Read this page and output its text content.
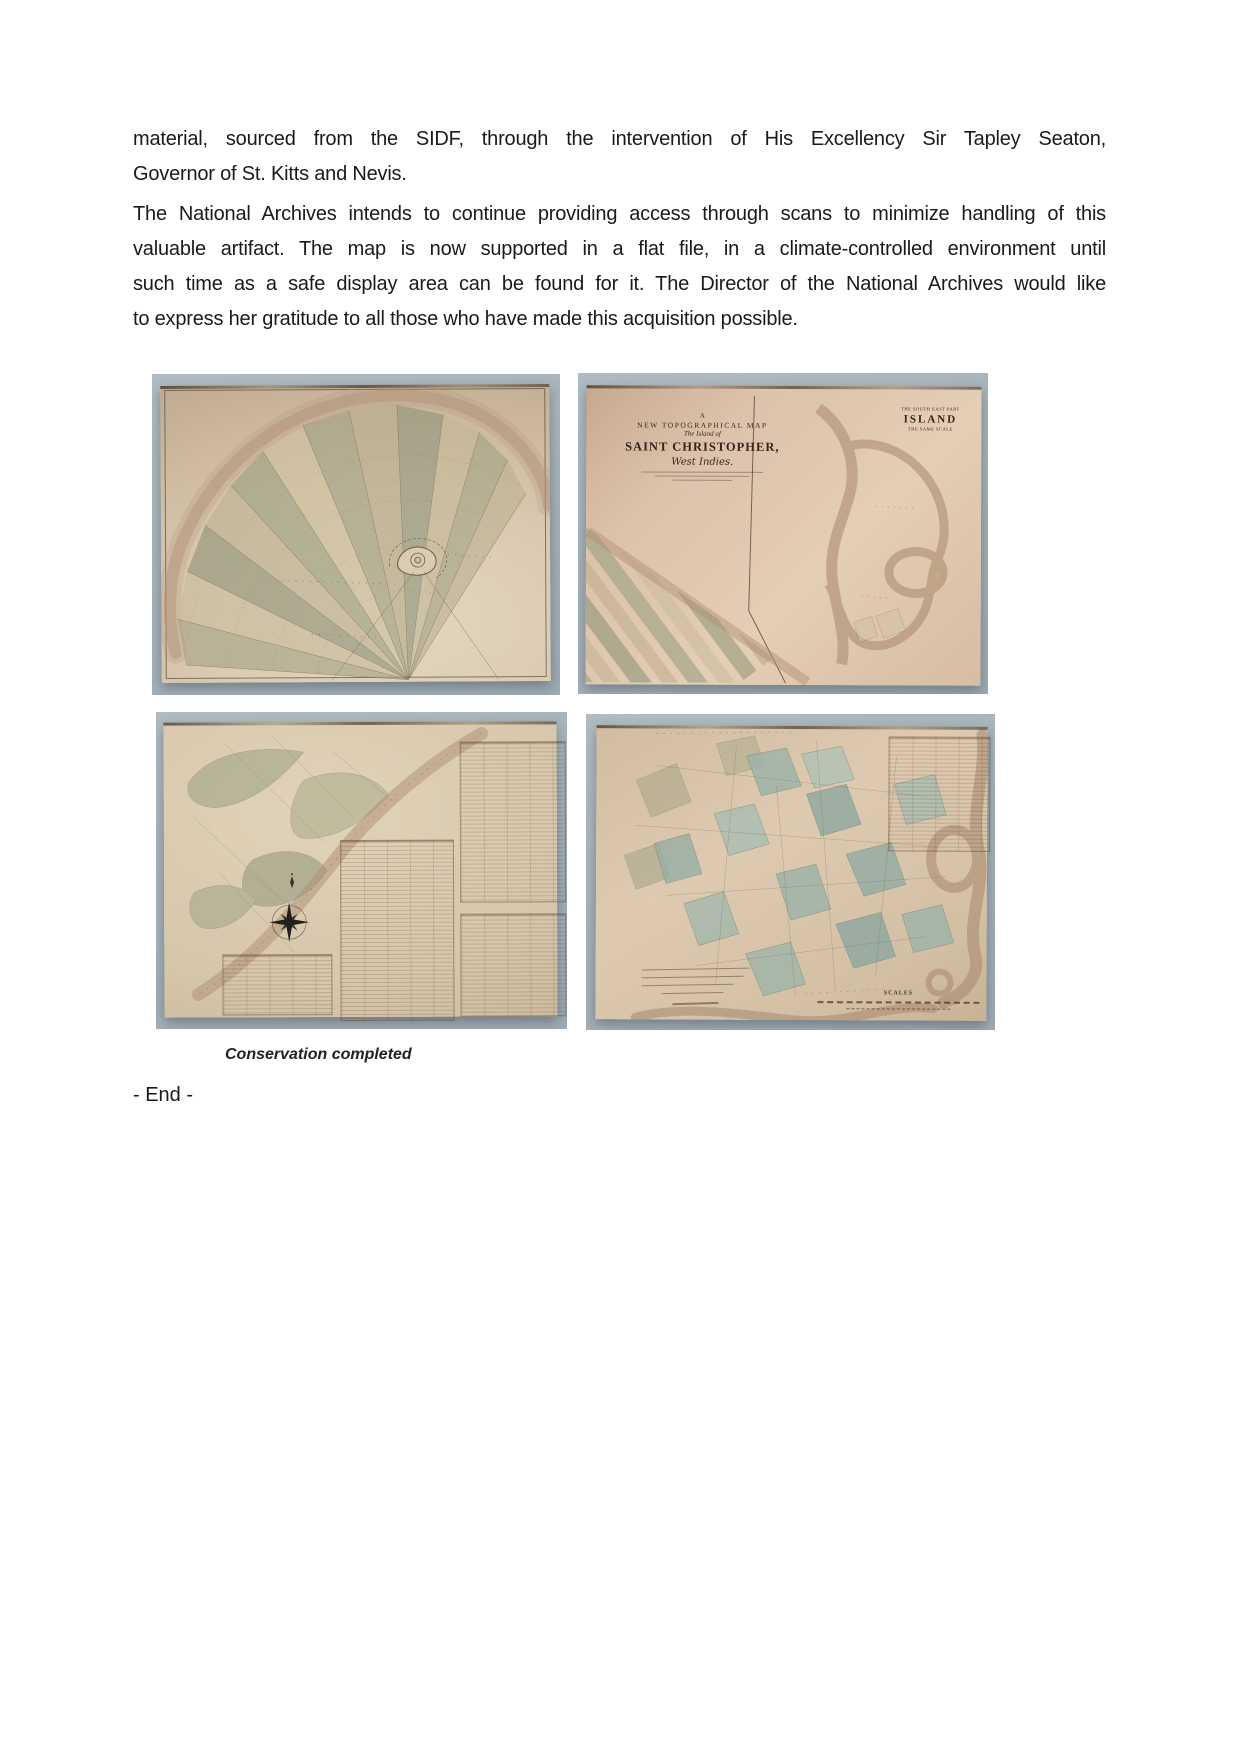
material, sourced from the SIDF, through the intervention of His Excellency Sir Tapley Seaton,
Governor of St. Kitts and Nevis.
The National Archives intends to continue providing access through scans to minimize handling of this
valuable artifact. The map is now supported in a flat file, in a climate-controlled environment until
such time as a safe display area can be found for it. The Director of the National Archives would like
to express her gratitude to all those who have made this acquisition possible.
A
NEW TOPOGRAPHICAL MAP
The Island of
SAINT CHRISTOPHER,
West Indies.
THE SOUTH EAST PART
ISLAND
THE SAME SCALE
SCALES
Conservation completed
- End -
